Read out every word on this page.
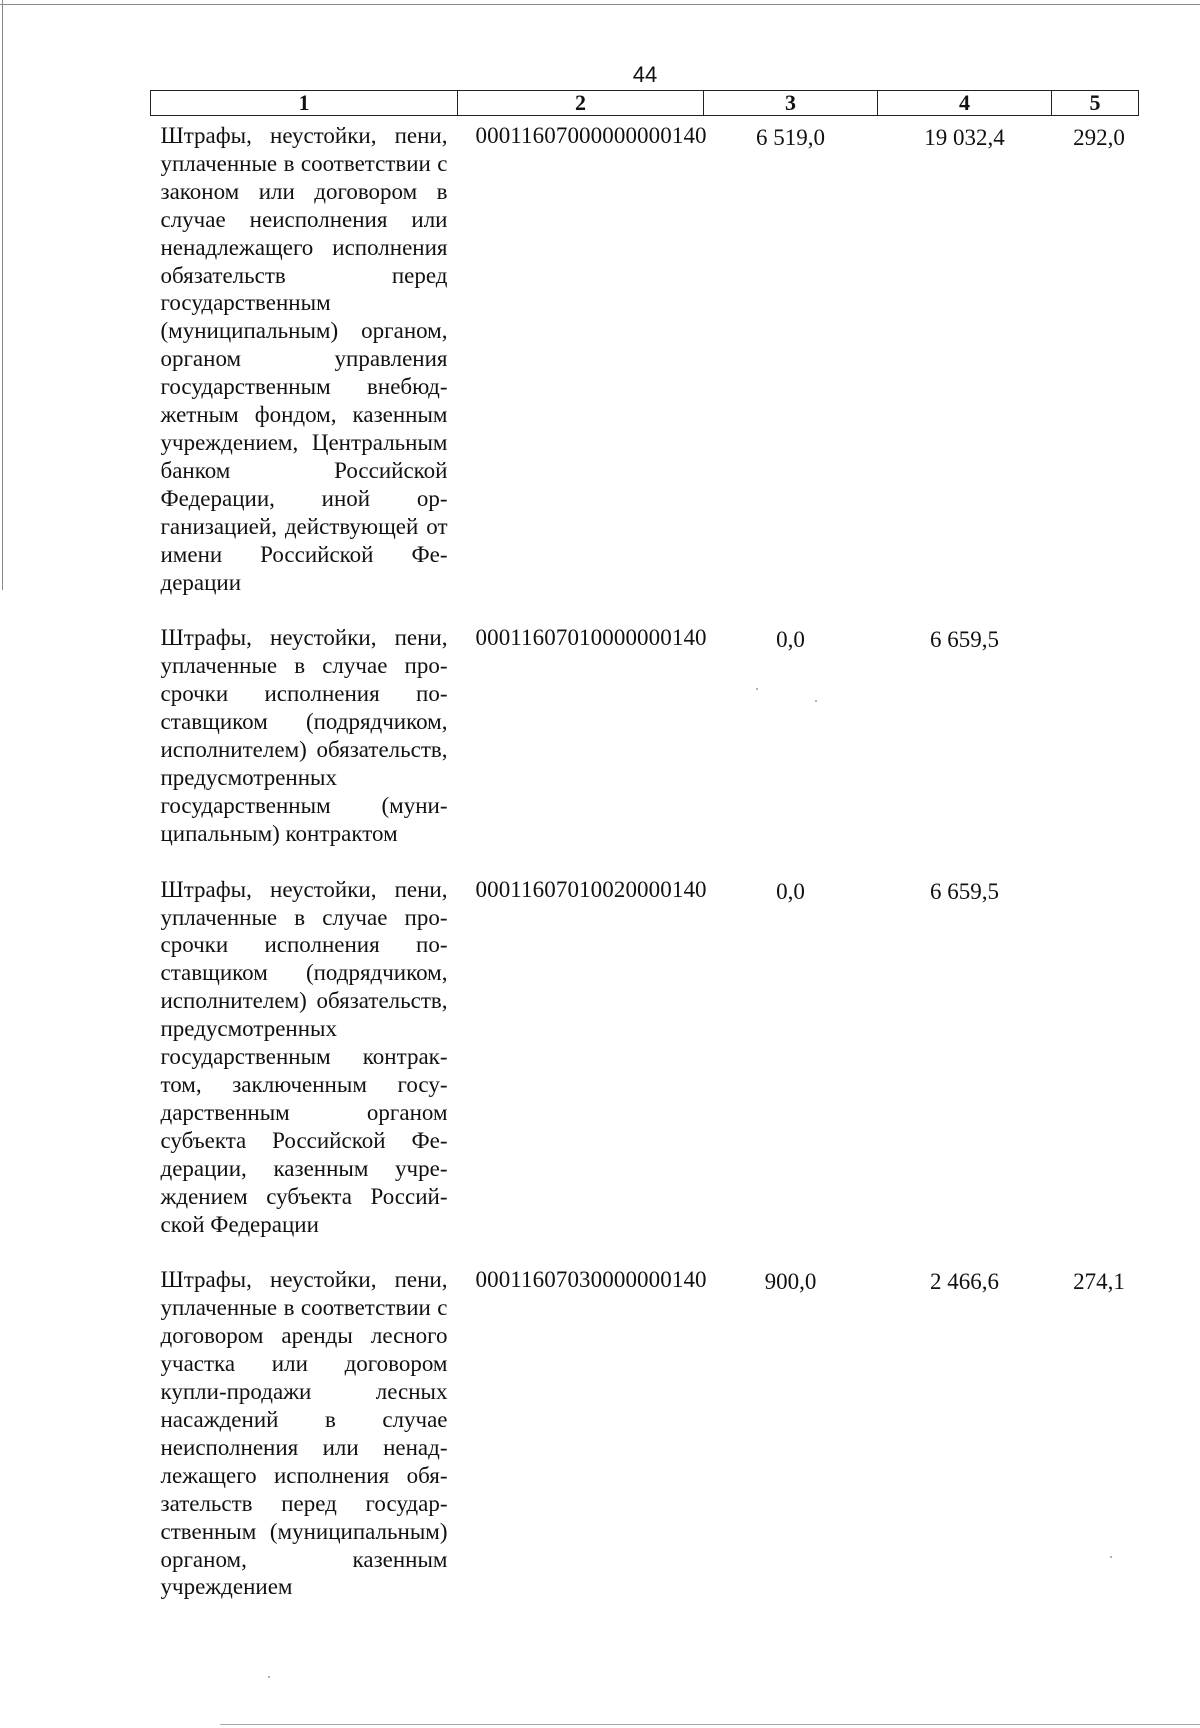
44
1	2	3	4	5
Штрафы, неустойки, пени, уплаченные в соответствии с законом или договором в случае неисполнения или ненадлежащего исполнения обязательств перед государственным (муниципальным) органом, органом управления государственным внебюджетным фондом, казенным учреждением, Центральным банком Российской Федерации, иной организацией, действующей от имени Российской Федерации	00011607000000000140	6 519,0	19 032,4	292,0
Штрафы, неустойки, пени, уплаченные в случае просрочки исполнения поставщиком (подрядчиком, исполнителем) обязательств, предусмотренных государственным (муниципальным) контрактом	00011607010000000140	0,0	6 659,5	
Штрафы, неустойки, пени, уплаченные в случае просрочки исполнения поставщиком (подрядчиком, исполнителем) обязательств, предусмотренных государственным контрактом, заключенным государственным органом субъекта Российской Федерации, казенным учреждением субъекта Российской Федерации	00011607010020000140	0,0	6 659,5	
Штрафы, неустойки, пени, уплаченные в соответствии с договором аренды лесного участка или договором купли-продажи лесных насаждений в случае неисполнения или ненадлежащего исполнения обязательств перед государственным (муниципальным) органом, казенным учреждением	00011607030000000140	900,0	2 466,6	274,1
